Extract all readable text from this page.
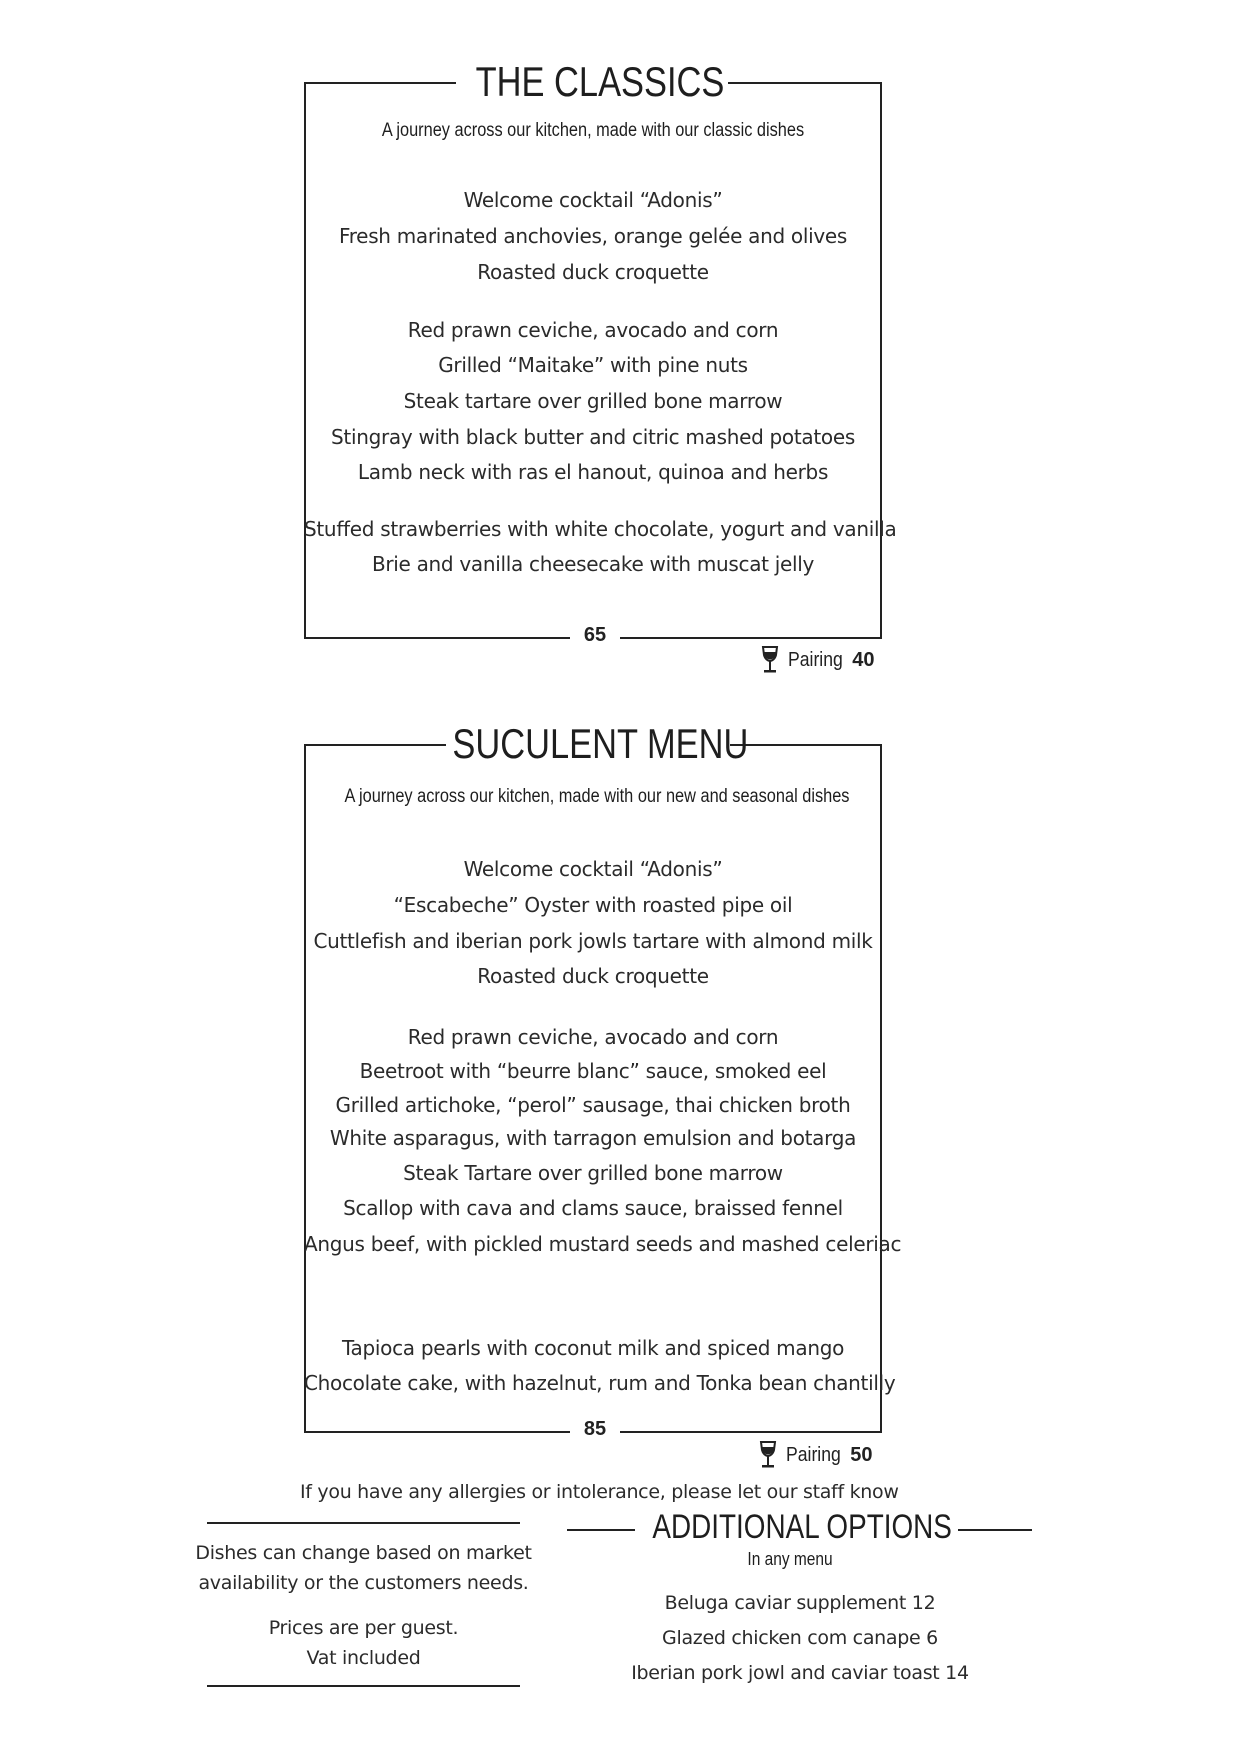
THE CLASSICS
A journey across our kitchen, made with our classic dishes
Welcome cocktail “Adonis”
Fresh marinated anchovies, orange gelée and olives
Roasted duck croquette
Red prawn ceviche, avocado and corn
Grilled “Maitake” with pine nuts
Steak tartare over grilled bone marrow
Stingray with black butter and citric mashed potatoes
Lamb neck with ras el hanout, quinoa and herbs
Stuffed strawberries with white chocolate, yogurt and vanilla
Brie and vanilla cheesecake with muscat jelly
65
Pairing 40
SUCULENT MENU
A journey across our kitchen, made with our new and seasonal dishes
Welcome cocktail “Adonis”
“Escabeche” Oyster with roasted pipe oil
Cuttlefish and iberian pork jowls tartare with almond milk
Roasted duck croquette
Red prawn ceviche, avocado and corn
Beetroot with “beurre blanc” sauce, smoked eel
Grilled artichoke, “perol” sausage, thai chicken broth
White asparagus, with tarragon emulsion and botarga
Steak Tartare over grilled bone marrow
Scallop with cava and clams sauce, braissed fennel
Angus beef, with pickled mustard seeds and mashed celeriac
Tapioca pearls with coconut milk and spiced mango
Chocolate cake, with hazelnut, rum and Tonka bean chantilly
85
Pairing 50
If you have any allergies or intolerance, please let our staff know
Dishes can change based on market
availability or the customers needs.
Prices are per guest.
Vat included
ADDITIONAL OPTIONS
In any menu
Beluga caviar supplement 12
Glazed chicken com canape 6
Iberian pork jowl and caviar toast 14
